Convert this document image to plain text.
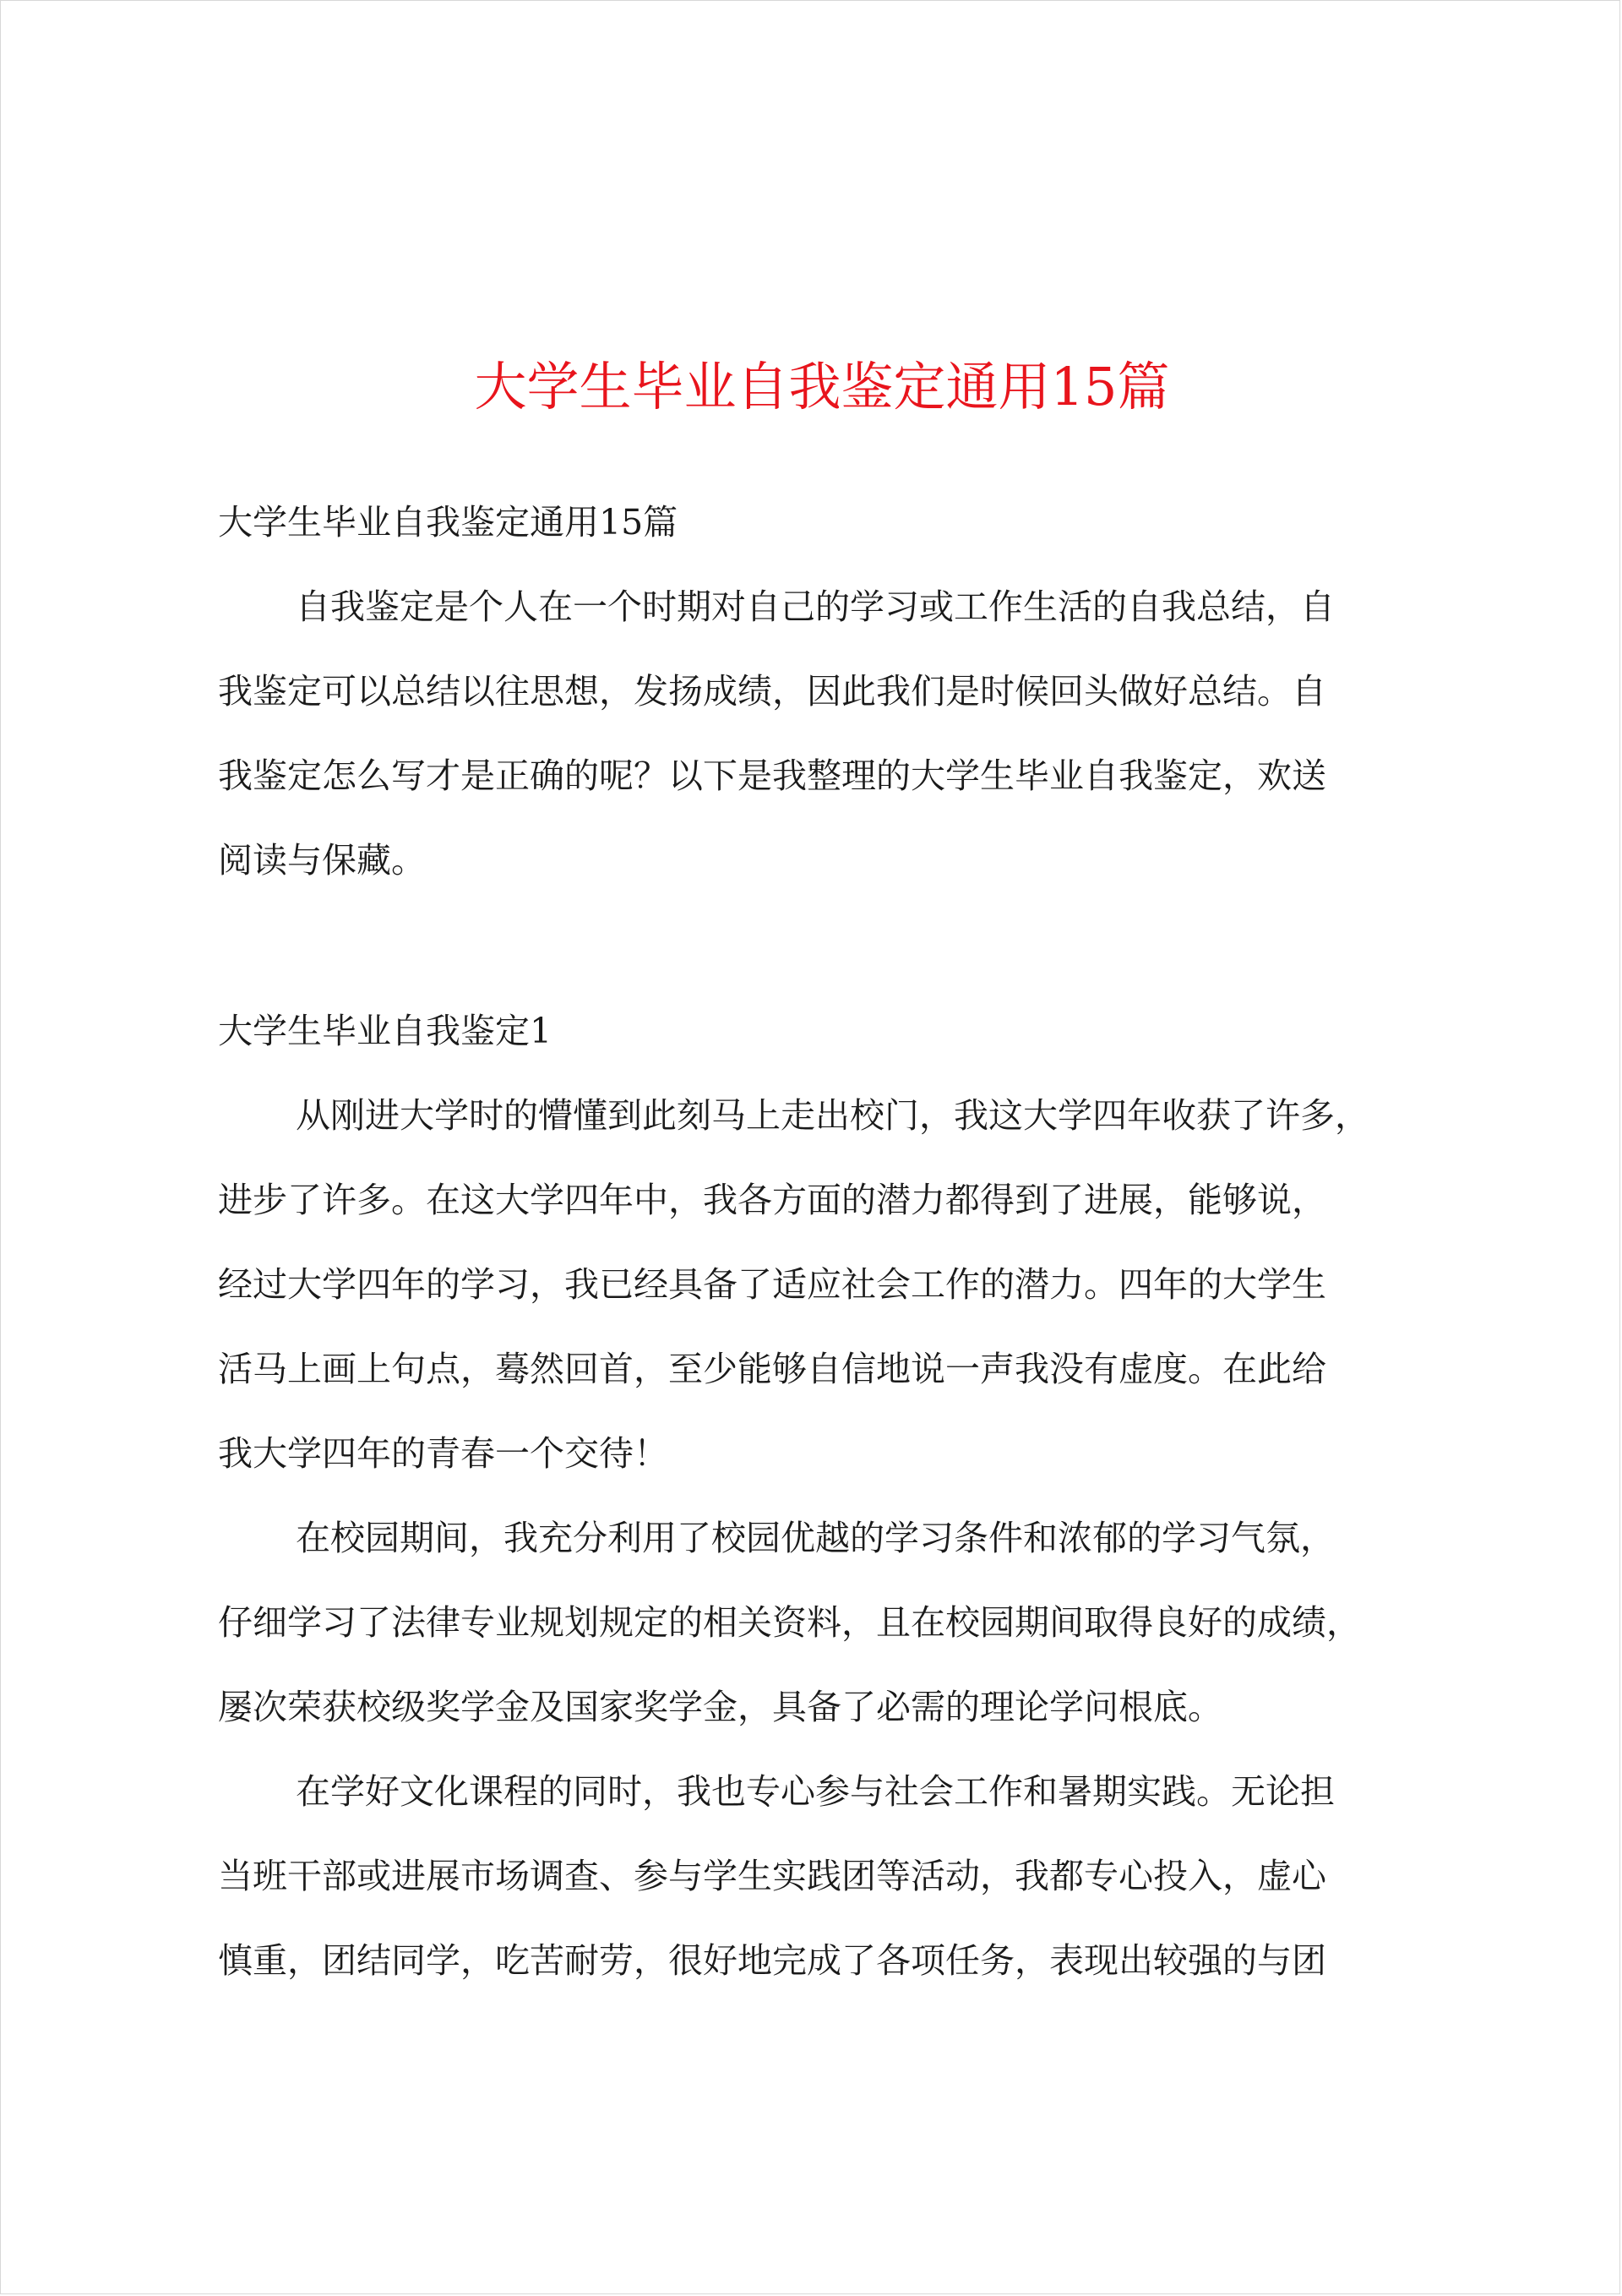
大学生毕业自我鉴定通用15篇
大学生毕业自我鉴定通用15篇
自我鉴定是个人在一个时期对自己的学习或工作生活的自我总结，自
我鉴定可以总结以往思想，发扬成绩，因此我们是时候回头做好总结。自
我鉴定怎么写才是正确的呢？以下是我整理的大学生毕业自我鉴定，欢送
阅读与保藏。
大学生毕业自我鉴定1
从刚进大学时的懵懂到此刻马上走出校门，我这大学四年收获了许多，
进步了许多。在这大学四年中，我各方面的潜力都得到了进展，能够说，
经过大学四年的学习，我已经具备了适应社会工作的潜力。四年的大学生
活马上画上句点，蓦然回首，至少能够自信地说一声我没有虚度。在此给
我大学四年的青春一个交待！
在校园期间，我充分利用了校园优越的学习条件和浓郁的学习气氛，
仔细学习了法律专业规划规定的相关资料，且在校园期间取得良好的成绩，
屡次荣获校级奖学金及国家奖学金，具备了必需的理论学问根底。
在学好文化课程的同时，我也专心参与社会工作和暑期实践。无论担
当班干部或进展市场调查、参与学生实践团等活动，我都专心投入，虚心
慎重，团结同学，吃苦耐劳，很好地完成了各项任务，表现出较强的与团
